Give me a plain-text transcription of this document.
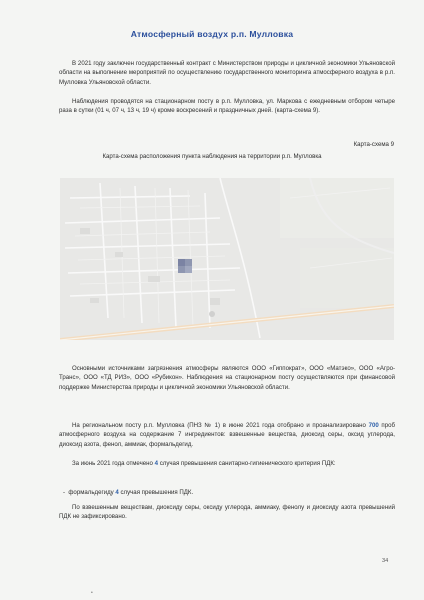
Атмосферный воздух р.п. Мулловка

В 2021 году заключен государственный контракт с Министерством природы и цикличной экономики Ульяновской области на выполнение мероприятий по осуществлению государственного мониторинга атмосферного воздуха в р.п. Мулловка Ульяновской области.

Наблюдения проводятся на стационарном посту в р.п. Мулловка, ул. Маркова с ежедневным отбором четыре раза в сутки (01 ч, 07 ч, 13 ч, 19 ч) кроме воскресений и праздничных дней. (карта-схема 9).

Карта-схема 9
Карта-схема расположения пункта наблюдения на территории р.п. Мулловка

Основными источниками загрязнения атмосферы являются ООО «Гиппократ», ООО «Матэко», ООО «Агро-Транс», ООО «ТД РИЗ», ООО «Рубикон». Наблюдения на стационарном посту осуществляются при финансовой поддержке Министерства природы и цикличной экономики Ульяновской области.

На региональном посту р.п. Мулловка (ПНЗ № 1) в июне 2021 года отобрано и проанализировано 700 проб атмосферного воздуха на содержание 7 ингредиентов: взвешенные вещества, диоксид серы, оксид углерода, диоксид азота, фенол, аммиак, формальдегид.

За июнь 2021 года отмечено 4 случая превышения санитарно-гигиенического критерия ПДК:

- формальдегиду 4 случая превышения ПДК.

По взвешенным веществам, диоксиду серы, оксиду углерода, аммиаку, фенолу и диоксиду азота превышений ПДК не зафиксировано.

34
•
